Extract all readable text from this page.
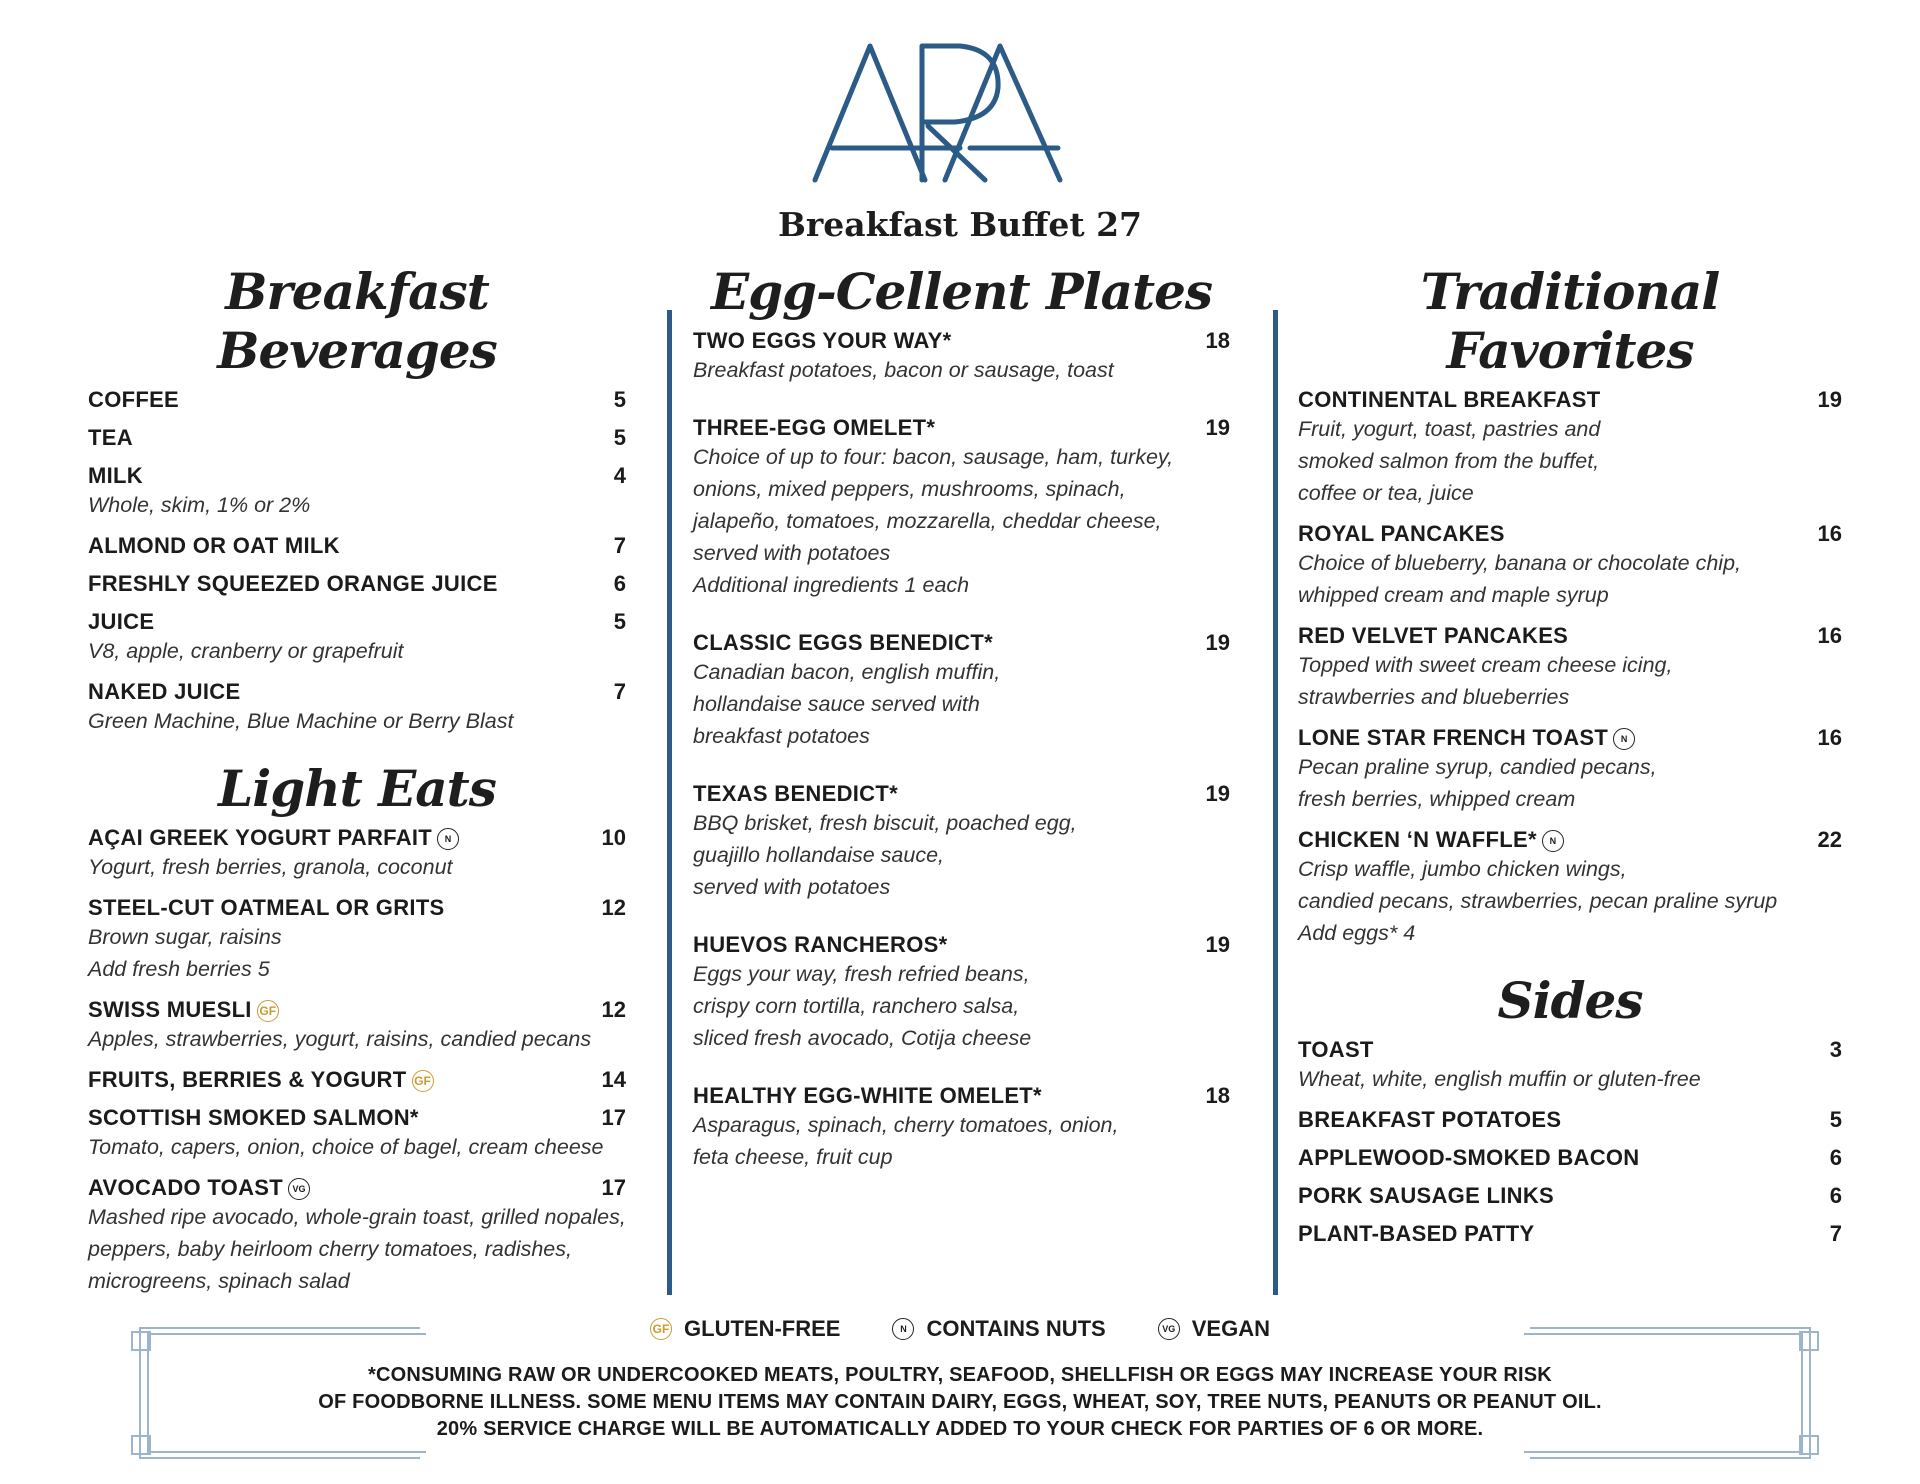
ARA
Breakfast Buffet 27
Breakfast Beverages
COFFEE	5
TEA	5
MILK	4
Whole, skim, 1% or 2%
ALMOND OR OAT MILK	7
FRESHLY SQUEEZED ORANGE JUICE	6
JUICE	5
V8, apple, cranberry or grapefruit
NAKED JUICE	7
Green Machine, Blue Machine or Berry Blast
Light Eats
AÇAI GREEK YOGURT PARFAIT N	10
Yogurt, fresh berries, granola, coconut
STEEL-CUT OATMEAL OR GRITS	12
Brown sugar, raisins
Add fresh berries 5
SWISS MUESLI GF	12
Apples, strawberries, yogurt, raisins, candied pecans
FRUITS, BERRIES & YOGURT GF	14
SCOTTISH SMOKED SALMON*	17
Tomato, capers, onion, choice of bagel, cream cheese
AVOCADO TOAST VG	17
Mashed ripe avocado, whole-grain toast, grilled nopales,
peppers, baby heirloom cherry tomatoes, radishes,
microgreens, spinach salad
Egg-Cellent Plates
TWO EGGS YOUR WAY*	18
Breakfast potatoes, bacon or sausage, toast
THREE-EGG OMELET*	19
Choice of up to four: bacon, sausage, ham, turkey,
onions, mixed peppers, mushrooms, spinach,
jalapeño, tomatoes, mozzarella, cheddar cheese,
served with potatoes
Additional ingredients 1 each
CLASSIC EGGS BENEDICT*	19
Canadian bacon, english muffin,
hollandaise sauce served with
breakfast potatoes
TEXAS BENEDICT*	19
BBQ brisket, fresh biscuit, poached egg,
guajillo hollandaise sauce,
served with potatoes
HUEVOS RANCHEROS*	19
Eggs your way, fresh refried beans,
crispy corn tortilla, ranchero salsa,
sliced fresh avocado, Cotija cheese
HEALTHY EGG-WHITE OMELET*	18
Asparagus, spinach, cherry tomatoes, onion,
feta cheese, fruit cup
Traditional Favorites
CONTINENTAL BREAKFAST	19
Fruit, yogurt, toast, pastries and
smoked salmon from the buffet,
coffee or tea, juice
ROYAL PANCAKES	16
Choice of blueberry, banana or chocolate chip,
whipped cream and maple syrup
RED VELVET PANCAKES	16
Topped with sweet cream cheese icing,
strawberries and blueberries
LONE STAR FRENCH TOAST N	16
Pecan praline syrup, candied pecans,
fresh berries, whipped cream
CHICKEN ‘N WAFFLE* N	22
Crisp waffle, jumbo chicken wings,
candied pecans, strawberries, pecan praline syrup
Add eggs* 4
Sides
TOAST	3
Wheat, white, english muffin or gluten-free
BREAKFAST POTATOES	5
APPLEWOOD-SMOKED BACON	6
PORK SAUSAGE LINKS	6
PLANT-BASED PATTY	7
GF GLUTEN-FREE	N CONTAINS NUTS	VG VEGAN
*CONSUMING RAW OR UNDERCOOKED MEATS, POULTRY, SEAFOOD, SHELLFISH OR EGGS MAY INCREASE YOUR RISK
OF FOODBORNE ILLNESS. SOME MENU ITEMS MAY CONTAIN DAIRY, EGGS, WHEAT, SOY, TREE NUTS, PEANUTS OR PEANUT OIL.
20% SERVICE CHARGE WILL BE AUTOMATICALLY ADDED TO YOUR CHECK FOR PARTIES OF 6 OR MORE.
